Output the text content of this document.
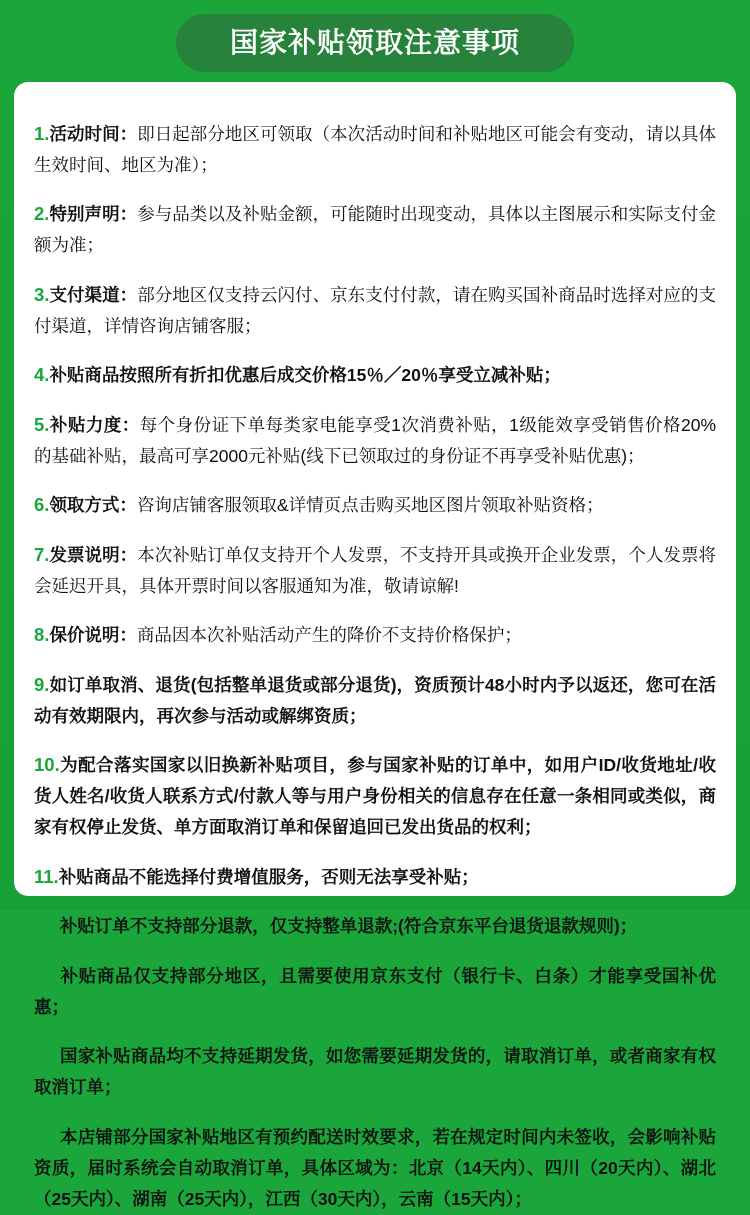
国家补贴领取注意事项

1.活动时间：即日起部分地区可领取（本次活动时间和补贴地区可能会有变动，请以具体生效时间、地区为准）；

2.特别声明：参与品类以及补贴金额，可能随时出现变动，具体以主图展示和实际支付金额为准；

3.支付渠道：部分地区仅支持云闪付、京东支付付款，请在购买国补商品时选择对应的支付渠道，详情咨询店铺客服；

4.补贴商品按照所有折扣优惠后成交价格15％／20％享受立减补贴；

5.补贴力度：每个身份证下单每类家电能享受1次消费补贴，1级能效享受销售价格20%的基础补贴，最高可享2000元补贴(线下已领取过的身份证不再享受补贴优惠)；

6.领取方式：咨询店铺客服领取&详情页点击购买地区图片领取补贴资格；

7.发票说明：本次补贴订单仅支持开个人发票，不支持开具或换开企业发票，个人发票将会延迟开具，具体开票时间以客服通知为准，敬请谅解!

8.保价说明：商品因本次补贴活动产生的降价不支持价格保护；

9.如订单取消、退货(包括整单退货或部分退货)，资质预计48小时内予以返还，您可在活动有效期限内，再次参与活动或解绑资质；

10.为配合落实国家以旧换新补贴项目，参与国家补贴的订单中，如用户ID/收货地址/收货人姓名/收货人联系方式/付款人等与用户身份相关的信息存在任意一条相同或类似，商家有权停止发货、单方面取消订单和保留追回已发出货品的权利；

11.补贴商品不能选择付费增值服务，否则无法享受补贴；

12.补贴订单不支持部分退款，仅支持整单退款;(符合京东平台退货退款规则)；

13.补贴商品仅支持部分地区，且需要使用京东支付（银行卡、白条）才能享受国补优惠；

14.国家补贴商品均不支持延期发货，如您需要延期发货的，请取消订单，或者商家有权取消订单；

15.本店铺部分国家补贴地区有预约配送时效要求，若在规定时间内未签收，会影响补贴资质，届时系统会自动取消订单，具体区域为：北京（14天内）、四川（20天内）、湖北（25天内）、湖南（25天内），江西（30天内），云南（15天内）；
